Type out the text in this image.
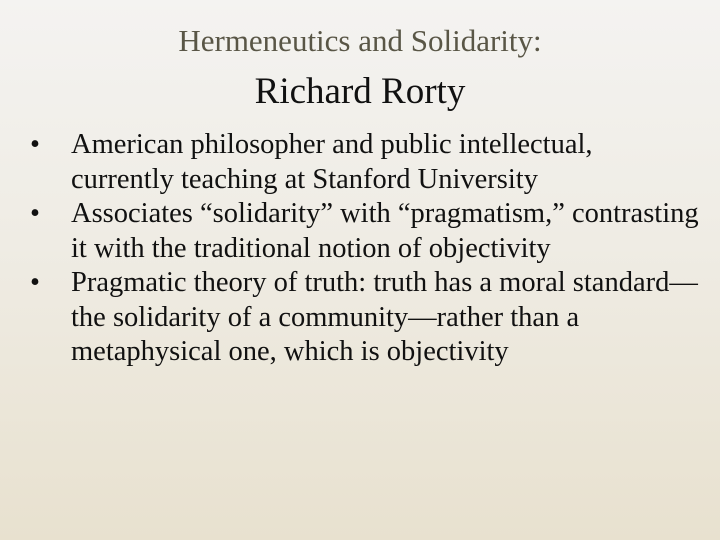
Hermeneutics and Solidarity:
Richard Rorty
•	American philosopher and public intellectual, currently teaching at Stanford University
•	Associates “solidarity” with “pragmatism,” contrasting it with the traditional notion of objectivity
•	Pragmatic theory of truth: truth has a moral standard—the solidarity of a community—rather than a metaphysical one, which is objectivity
